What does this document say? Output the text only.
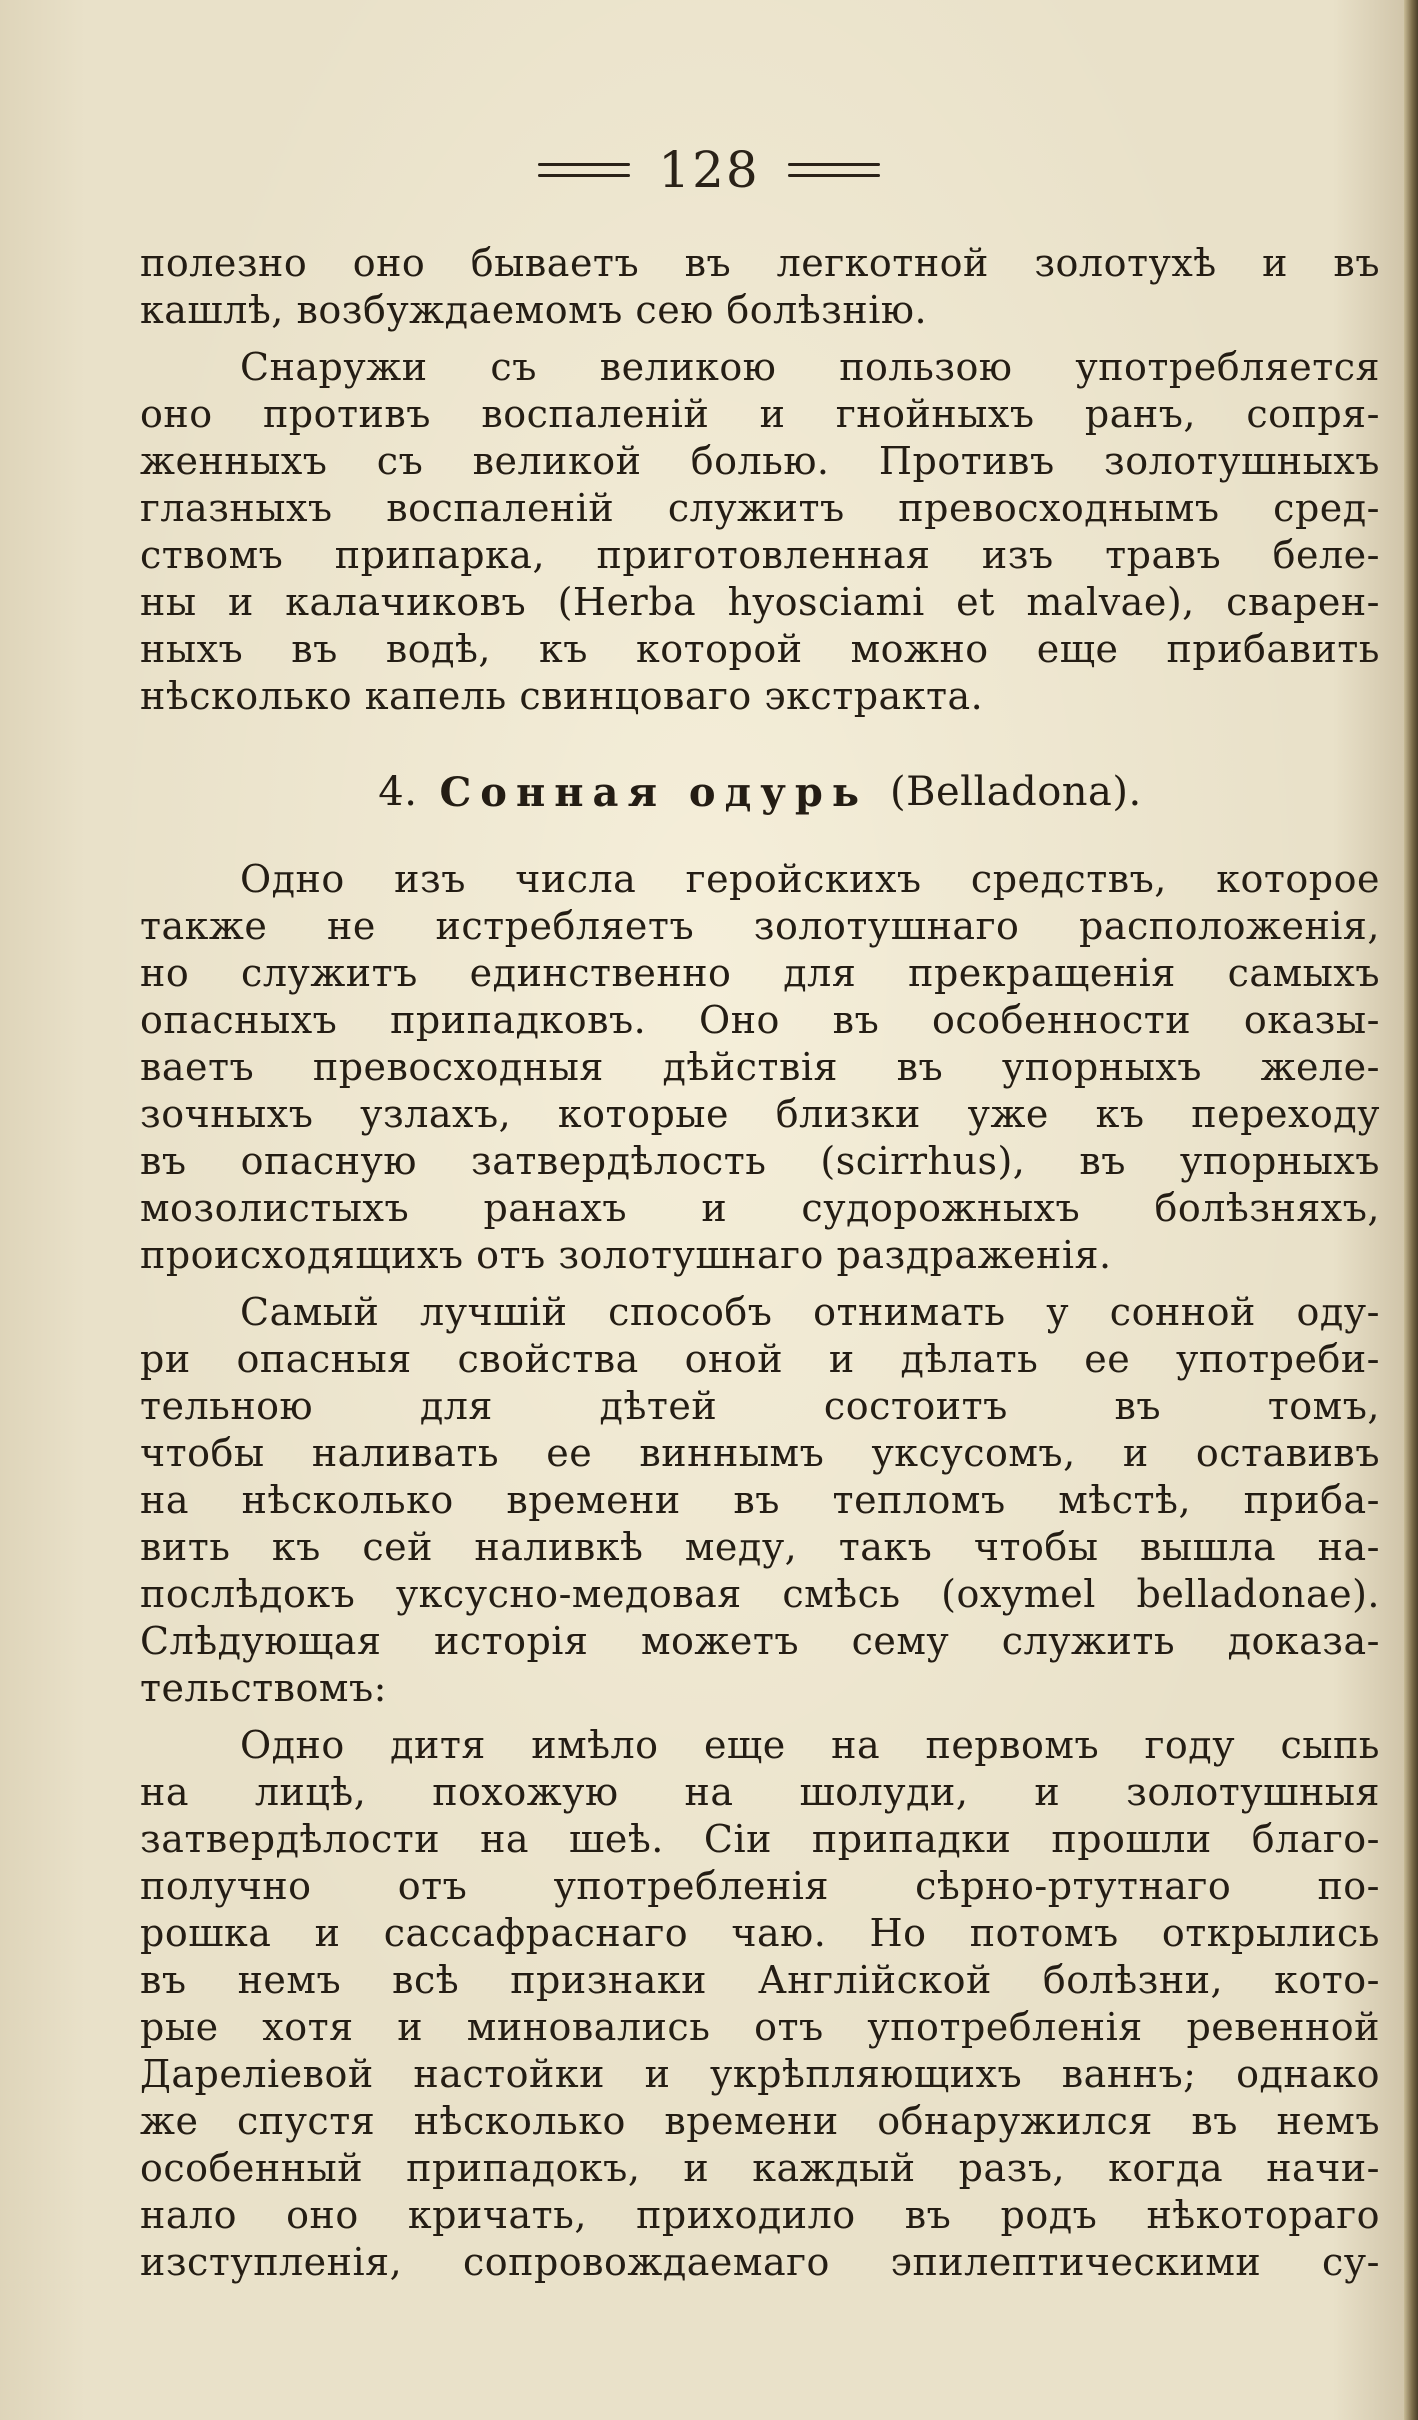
128
полезно оно бываетъ въ легкотной золотухѣ и въ
кашлѣ, возбуждаемомъ сею болѣзнію.
Снаружи съ великою пользою употребляется
оно противъ воспаленій и гнойныхъ ранъ, сопря-
женныхъ съ великой болью. Противъ золотушныхъ
глазныхъ воспаленій служитъ превосходнымъ сред-
ствомъ припарка, приготовленная изъ травъ беле-
ны и калачиковъ (Herba hyosciami et malvae), сварен-
ныхъ въ водѣ, къ которой можно еще прибавить
нѣсколько капель свинцоваго экстракта.
4. Сонная одурь (Belladona).
Одно изъ числа геройскихъ средствъ, которое
также не истребляетъ золотушнаго расположенія,
но служитъ единственно для прекращенія самыхъ
опасныхъ припадковъ. Оно въ особенности оказы-
ваетъ превосходныя дѣйствія въ упорныхъ желе-
зочныхъ узлахъ, которые близки уже къ переходу
въ опасную затвердѣлость (scirrhus), въ упорныхъ
мозолистыхъ ранахъ и судорожныхъ болѣзняхъ,
происходящихъ отъ золотушнаго раздраженія.
Самый лучшій способъ отнимать у сонной оду-
ри опасныя свойства оной и дѣлать ее употреби-
тельною для дѣтей состоитъ въ томъ,
чтобы наливать ее виннымъ уксусомъ, и оставивъ
на нѣсколько времени въ тепломъ мѣстѣ, приба-
вить къ сей наливкѣ меду, такъ чтобы вышла на-
послѣдокъ уксусно-медовая смѣсь (oxymel belladonae).
Слѣдующая исторія можетъ сему служить доказа-
тельствомъ:
Одно дитя имѣло еще на первомъ году сыпь
на лицѣ, похожую на шолуди, и золотушныя
затвердѣлости на шеѣ. Сіи припадки прошли благо-
получно отъ употребленія сѣрно-ртутнаго по-
рошка и сассафраснаго чаю. Но потомъ открылись
въ немъ всѣ признаки Англійской болѣзни, кото-
рые хотя и миновались отъ употребленія ревенной
Дареліевой настойки и укрѣпляющихъ ваннъ; однако
же спустя нѣсколько времени обнаружился въ немъ
особенный припадокъ, и каждый разъ, когда начи-
нало оно кричать, приходило въ родъ нѣкотораго
изступленія, сопровождаемаго эпилептическими су-
